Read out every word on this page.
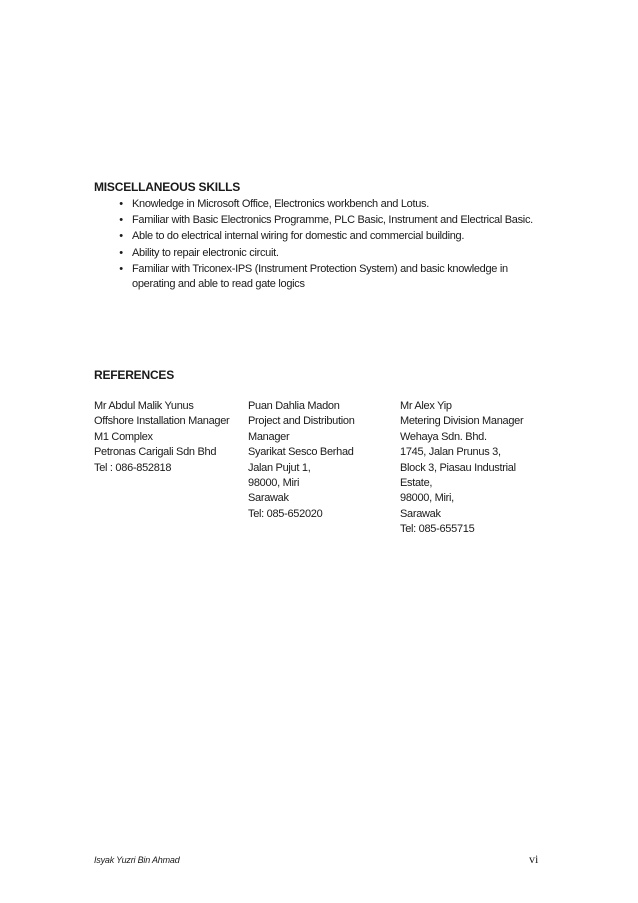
MISCELLANEOUS SKILLS
• Knowledge in Microsoft Office, Electronics workbench and Lotus.
• Familiar with Basic Electronics Programme, PLC Basic, Instrument and Electrical Basic.
• Able to do electrical internal wiring for domestic and commercial building.
• Ability to repair electronic circuit.
• Familiar with Triconex-IPS (Instrument Protection System) and basic knowledge in operating and able to read gate logics
REFERENCES
Mr Abdul Malik Yunus
Offshore Installation Manager
M1 Complex
Petronas Carigali Sdn Bhd
Tel : 086-852818
Puan Dahlia Madon
Project and Distribution
Manager
Syarikat Sesco Berhad
Jalan Pujut 1,
98000, Miri
Sarawak
Tel: 085-652020
Mr Alex Yip
Metering Division Manager
Wehaya Sdn. Bhd.
1745, Jalan Prunus 3,
Block 3, Piasau Industrial
Estate,
98000, Miri,
Sarawak
Tel: 085-655715
Isyak Yuzri Bin Ahmad	vi
